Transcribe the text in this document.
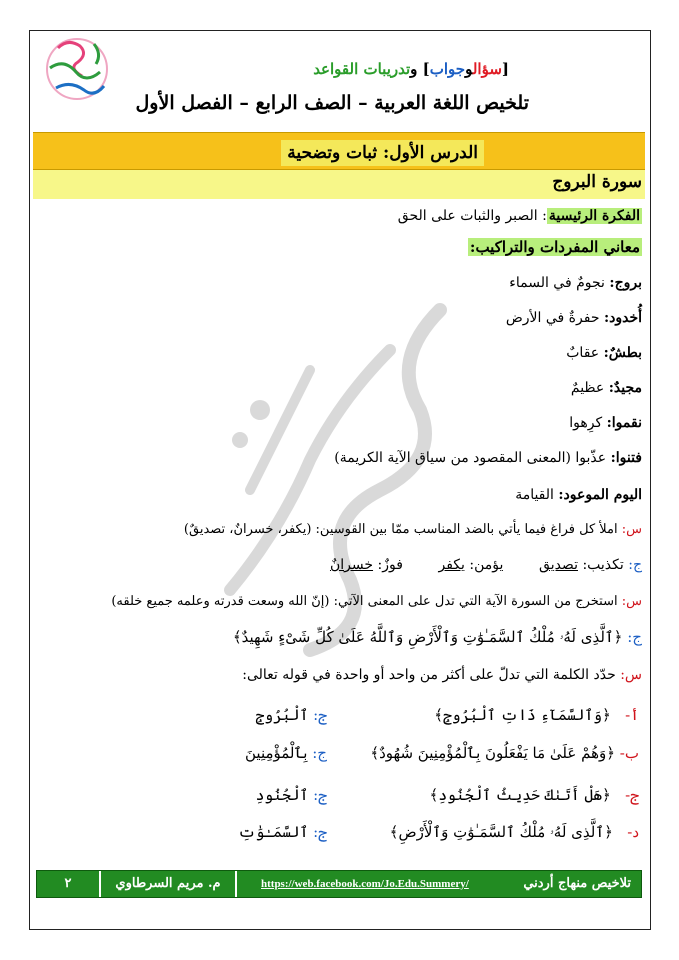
[سؤالوجواب] وتدريبات القواعد
تلخيص اللغة العربية – الصف الرابع – الفصل الأول
الدرس الأول: ثبات وتضحية
سورة البروج
الفكرة الرئيسية: الصبر والثبات على الحق
معاني المفردات والتراكيب:
بروج: نجومٌ في السماء
أُخدود: حفرةٌ في الأرض
بطشٌ: عقابٌ
مجيدٌ: عظيمٌ
نقموا: كرِهوا
فتنوا: عذّبوا (المعنى المقصود من سياق الآية الكريمة)
اليوم الموعود: القيامة
س: املأ كل فراغ فيما يأتي بالضد المناسب ممّا بين القوسين: (يكفر، خسرانٌ، تصديقٌ)
ج: تكذيب: تصديق        يؤمن: يكفر        فوزٌ: خسرانٌ
س: استخرج من السورة الآية التي تدل على المعنى الآتي: (إنّ الله وسعت قدرته وعلمه جميع خلقه)
ج: ﴿ٱلَّذِى لَهُۥ مُلْكُ ٱلسَّمَـٰوَٰتِ وَٱلْأَرْضِ وَٱللَّهُ عَلَىٰ كُلِّ شَىْءٍ شَهِيدٌ﴾
س: حدّد الكلمة التي تدلّ على أكثر من واحد أو واحدة في قوله تعالى:
أ-   ﴿وَٱلسَّمَآءِ ذَاتِ ٱلْبُرُوجِ﴾
ج: ٱلْبُرُوجِ
ب- ﴿وَهُمْ عَلَىٰ مَا يَفْعَلُونَ بِٱلْمُؤْمِنِينَ شُهُودٌ﴾
ج: بِٱلْمُؤْمِنِينَ
ج-   ﴿هَلْ أَتَىٰكَ حَدِيثُ ٱلْجُنُودِ﴾
ج: ٱلْجُنُودِ
د-   ﴿ٱلَّذِى لَهُۥ مُلْكُ ٱلسَّمَـٰوَٰتِ وَٱلْأَرْضِ﴾
ج: ٱلسَّمَـٰوَٰتِ
٢	م. مريم السرطاوي	https://web.facebook.com/Jo.Edu.Summery/	تلاخيص منهاج أردني
